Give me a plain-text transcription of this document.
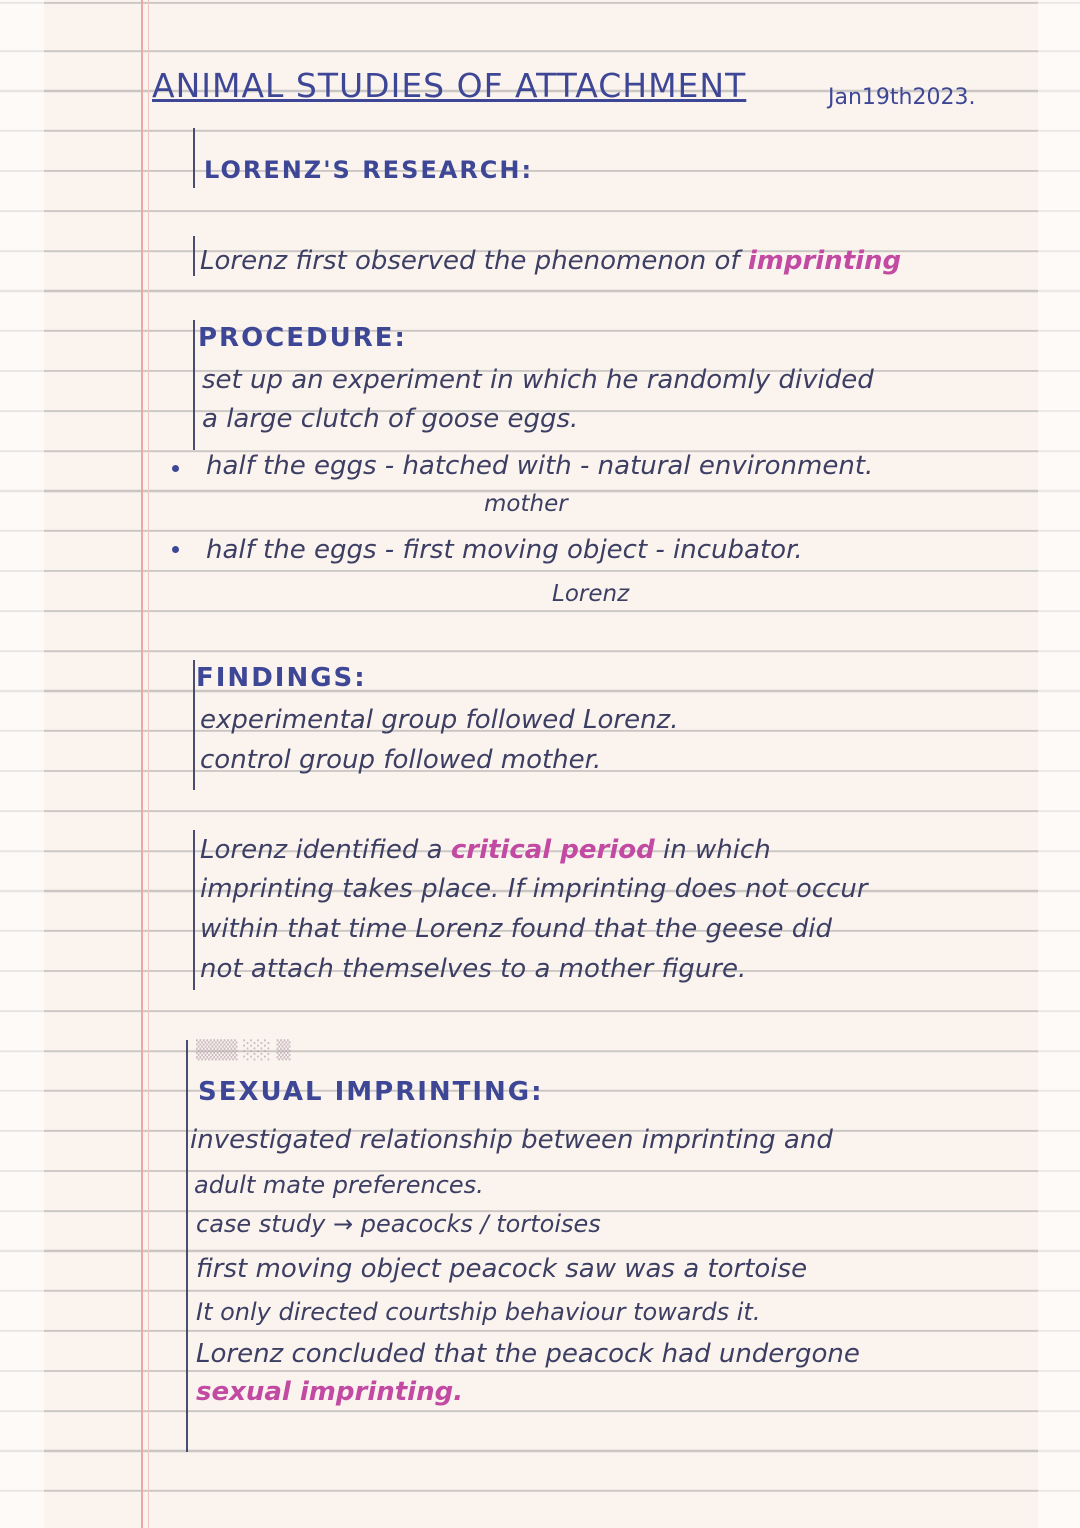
ANIMAL STUDIES OF ATTACHMENT	Jan19th2023.
LORENZ'S RESEARCH:
Lorenz first observed the phenomenon of imprinting
PROCEDURE:
set up an experiment in which he randomly divided
a large clutch of goose eggs.
half the eggs - hatched with - natural environment.
mother
half the eggs - first moving object - incubator.
Lorenz
FINDINGS:
experimental group followed Lorenz.
control group followed mother.
Lorenz identified a critical period in which
imprinting takes place. If imprinting does not occur
within that time Lorenz found that the geese did
not attach themselves to a mother figure.
▒▒▒ ░░ ▒
SEXUAL IMPRINTING:
investigated relationship between imprinting and
adult mate preferences.
case study → peacocks / tortoises
first moving object peacock saw was a tortoise
It only directed courtship behaviour towards it.
Lorenz concluded that the peacock had undergone
sexual imprinting.
